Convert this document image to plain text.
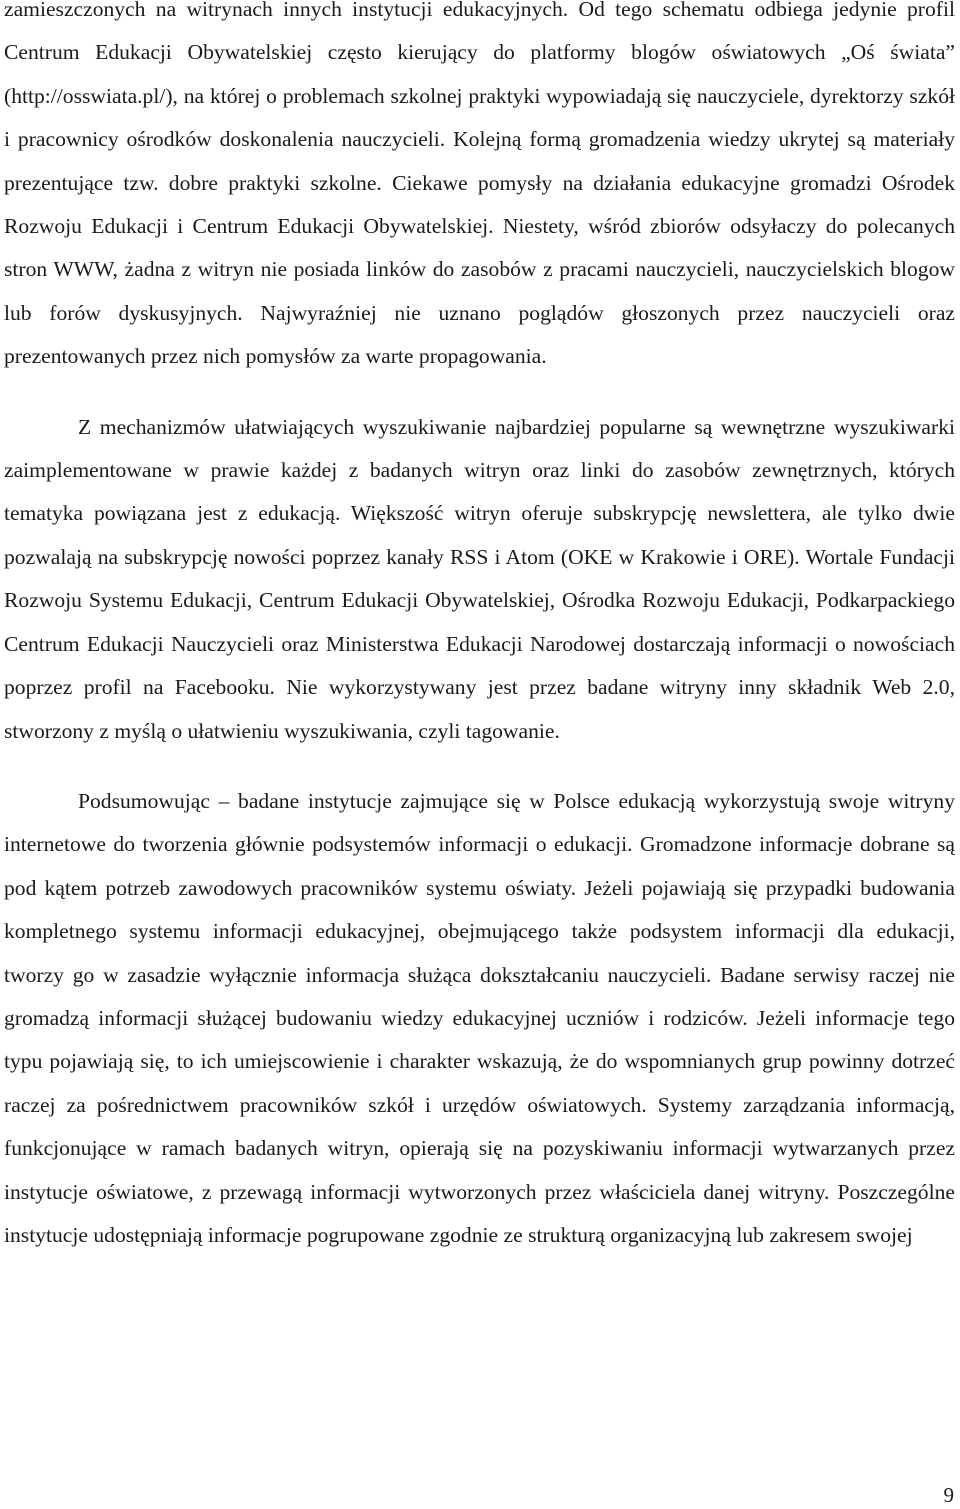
zamieszczonych na witrynach innych instytucji edukacyjnych. Od tego schematu odbiega jedynie profil Centrum Edukacji Obywatelskiej często kierujący do platformy blogów oświatowych „Oś świata” (http://osswiata.pl/), na której o problemach szkolnej praktyki wypowiadają się nauczyciele, dyrektorzy szkół i pracownicy ośrodków doskonalenia nauczycieli. Kolejną formą gromadzenia wiedzy ukrytej są materiały prezentujące tzw. dobre praktyki szkolne. Ciekawe pomysły na działania edukacyjne gromadzi Ośrodek Rozwoju Edukacji i Centrum Edukacji Obywatelskiej. Niestety, wśród zbiorów odsyłaczy do polecanych stron WWW, żadna z witryn nie posiada linków do zasobów z pracami nauczycieli, nauczycielskich blogow lub forów dyskusyjnych. Najwyraźniej nie uznano poglądów głoszonych przez nauczycieli oraz prezentowanych przez nich pomysłów za warte propagowania.

Z mechanizmów ułatwiających wyszukiwanie najbardziej popularne są wewnętrzne wyszukiwarki zaimplementowane w prawie każdej z badanych witryn oraz linki do zasobów zewnętrznych, których tematyka powiązana jest z edukacją. Większość witryn oferuje subskrypcję newslettera, ale tylko dwie pozwalają na subskrypcję nowości poprzez kanały RSS i Atom (OKE w Krakowie i ORE). Wortale Fundacji Rozwoju Systemu Edukacji, Centrum Edukacji Obywatelskiej, Ośrodka Rozwoju Edukacji, Podkarpackiego Centrum Edukacji Nauczycieli oraz Ministerstwa Edukacji Narodowej dostarczają informacji o nowościach poprzez profil na Facebooku. Nie wykorzystywany jest przez badane witryny inny składnik Web 2.0, stworzony z myślą o ułatwieniu wyszukiwania, czyli tagowanie.

Podsumowując – badane instytucje zajmujące się w Polsce edukacją wykorzystują swoje witryny internetowe do tworzenia głównie podsystemów informacji o edukacji. Gromadzone informacje dobrane są pod kątem potrzeb zawodowych pracowników systemu oświaty. Jeżeli pojawiają się przypadki budowania kompletnego systemu informacji edukacyjnej, obejmującego także podsystem informacji dla edukacji, tworzy go w zasadzie wyłącznie informacja służąca dokształcaniu nauczycieli. Badane serwisy raczej nie gromadzą informacji służącej budowaniu wiedzy edukacyjnej uczniów i rodziców. Jeżeli informacje tego typu pojawiają się, to ich umiejscowienie i charakter wskazują, że do wspomnianych grup powinny dotrzeć raczej za pośrednictwem pracowników szkół i urzędów oświatowych. Systemy zarządzania informacją, funkcjonujące w ramach badanych witryn, opierają się na pozyskiwaniu informacji wytwarzanych przez instytucje oświatowe, z przewagą informacji wytworzonych przez właściciela danej witryny. Poszczególne instytucje udostępniają informacje pogrupowane zgodnie ze strukturą organizacyjną lub zakresem swojej

9
